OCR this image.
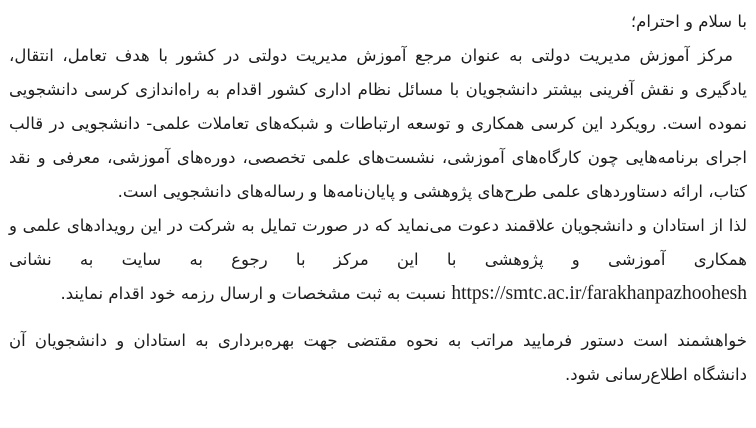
با سلام و احترام؛

مرکز آموزش مدیریت دولتی به عنوان مرجع آموزش مدیریت دولتی در کشور با هدف تعامل، انتقال، یادگیری و نقش آفرینی بیشتر دانشجویان با مسائل نظام اداری کشور اقدام به راه‌اندازی کرسی دانشجویی نموده است. رویکرد این کرسی همکاری و توسعه ارتباطات و شبکه‌های تعاملات علمی- دانشجویی در قالب اجرای برنامه‌هایی چون کارگاه‌های آموزشی، نشست‌های علمی تخصصی، دوره‌های آموزشی، معرفی و نقد کتاب، ارائه دستاوردهای علمی طرح‌های پژوهشی و پایان‌نامه‌ها و رساله‌های دانشجویی است.

لذا از استادان و دانشجویان علاقمند دعوت می‌نماید که در صورت تمایل به شرکت در این رویدادهای علمی و همکاری آموزشی و پژوهشی با این مرکز با رجوع به سایت به نشانی https://smtc.ac.ir/farakhanpazhoohesh نسبت به ثبت مشخصات و ارسال رزمه خود اقدام نمایند.

خواهشمند است دستور فرمایید مراتب به نحوه مقتضی جهت بهره‌برداری به استادان و دانشجویان آن دانشگاه اطلاع‌رسانی شود.
